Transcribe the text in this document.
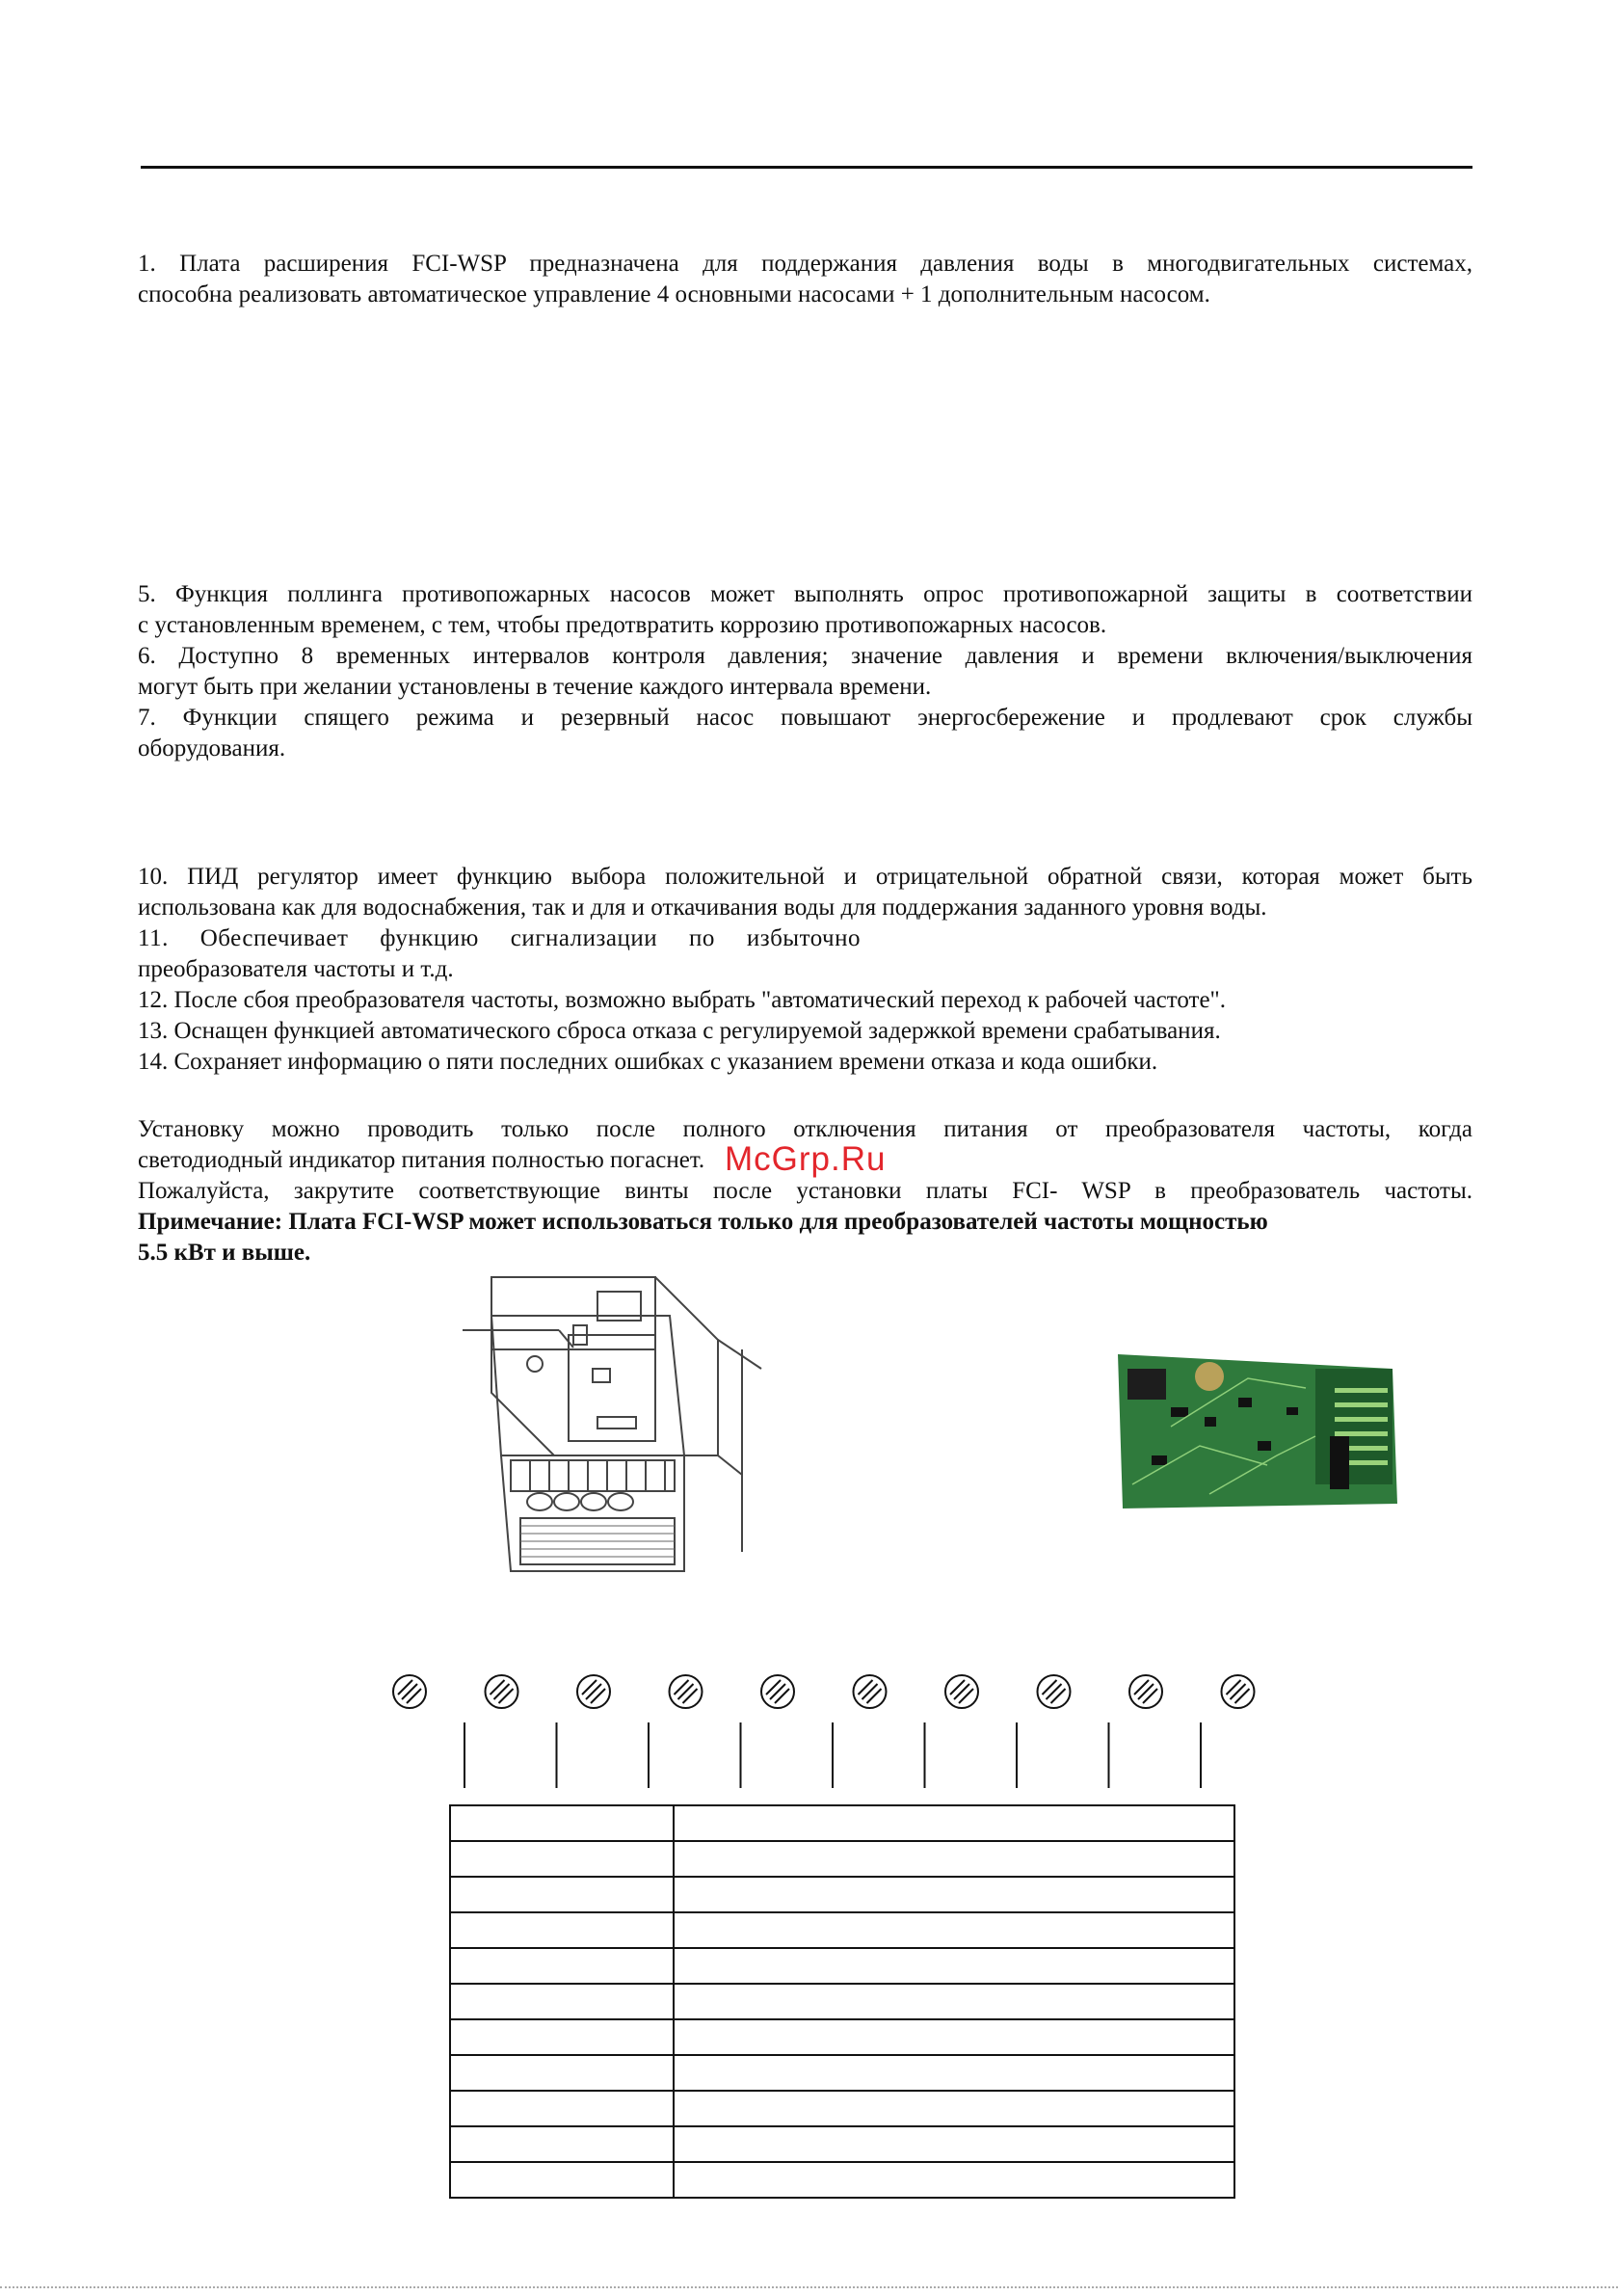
1. Плата расширения FCI-WSP предназначена для поддержания давления воды в многодвигательных системах,
способна реализовать автоматическое управление 4 основными насосами + 1 дополнительным насосом.
5. Функция поллинга противопожарных насосов может выполнять опрос противопожарной защиты в соответствии
с установленным временем, с тем, чтобы предотвратить коррозию противопожарных насосов.
6. Доступно 8 временных интервалов контроля давления; значение давления и времени включения/выключения
могут быть при желании установлены в течение каждого интервала времени.
7. Функции спящего режима и резервный насос повышают энергосбережение и продлевают срок службы
оборудования.
10. ПИД регулятор имеет функцию выбора положительной и отрицательной обратной связи, которая может быть
использована как для водоснабжения, так и для и откачивания воды для поддержания заданного уровня воды.
11. Обеспечивает функцию сигнализации по избыточно
преобразователя частоты и т.д.
12. После сбоя преобразователя частоты, возможно выбрать "автоматический переход к рабочей частоте".
13. Оснащен функцией автоматического сброса отказа с регулируемой задержкой времени срабатывания.
14. Сохраняет информацию о пяти последних ошибках с указанием времени отказа и кода ошибки.
Установку можно проводить только после полного отключения питания от преобразователя частоты, когда
светодиодный индикатор питания полностью погаснет.
Пожалуйста, закрутите соответствующие винты после установки платы FCI- WSP в преобразователь частоты.
Примечание: Плата FCI-WSP может использоваться только для преобразователей частоты мощностью
5.5 кВт и выше.
McGrp.Ru
